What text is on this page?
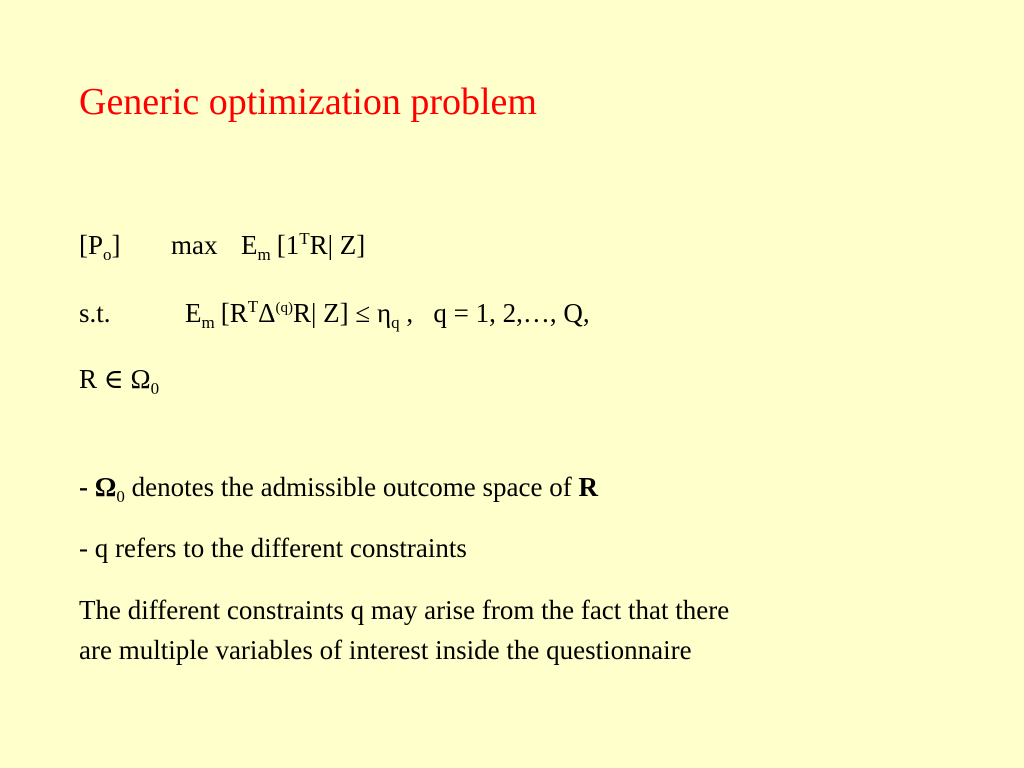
Generic optimization problem
$[P_o]$ $\max E_m$ [$1^TR|$ Z]
s.t.	$E_m$ [$R^T\Delta^{(q)}R|$ $Z] \le \eta_q$ ,   q = 1, 2,…, Q,
R ∈ $\Omega_0$
- $\Omega_0$ denotes the admissible outcome space of R
- q refers to the different constraints
The different constraints q may arise from the fact that there
are multiple variables of interest inside the questionnaire
